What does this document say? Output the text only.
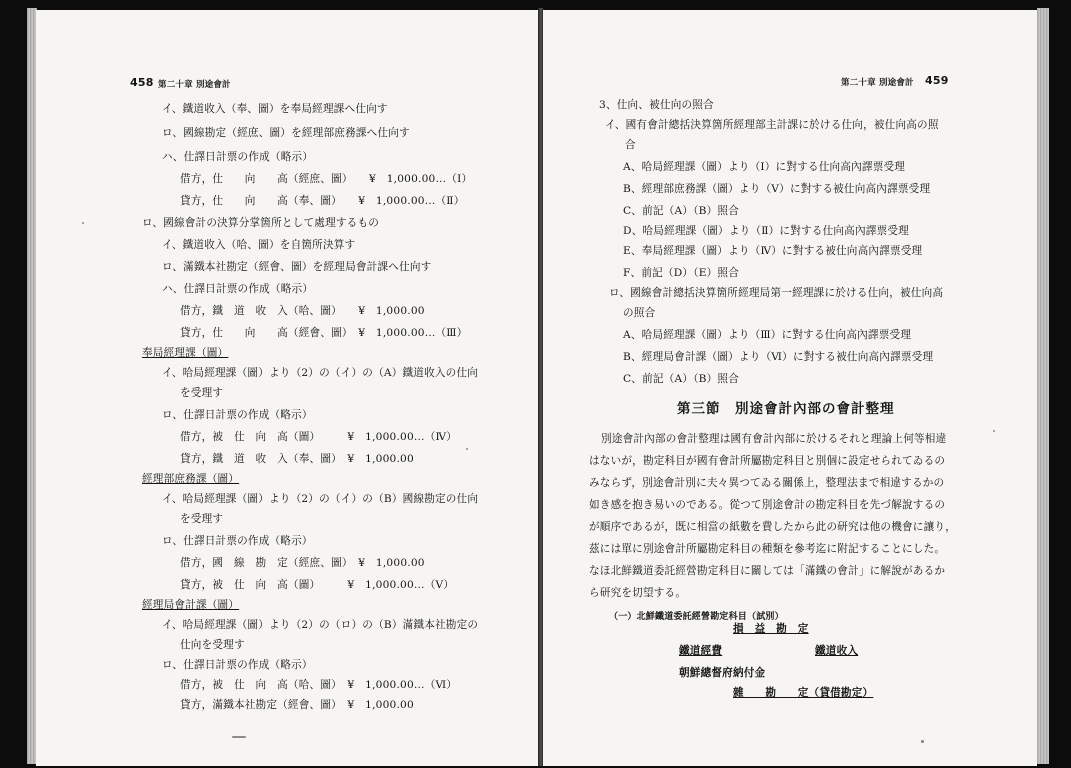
458 第二十章 別途會計
イ、鐵道收入（奉、圖）を奉局經理課へ仕向す
ロ、國線勘定（經庶、圖）を經理部庶務課へ仕向す
ハ、仕譯日計票の作成（略示）
借方，仕　　向　　高（經庶、圖）　　¥　1,000.00…（Ⅰ）
貸方，仕　　向　　高（奉、圖）　　¥　1,000.00…（Ⅱ）
ロ、國線會計の決算分掌箇所として處理するもの
イ、鐵道收入（哈、圖）を自箇所決算す
ロ、滿鐵本社勘定（經會、圖）を經理局會計課へ仕向す
ハ、仕譯日計票の作成（略示）
借方，鐵　道　收　入（哈、圖）　　¥　1,000.00
貸方，仕　　向　　高（經會、圖）　¥　1,000.00…（Ⅲ）
奉局經理課（圖）
イ、哈局經理課（圖）より（2）の（イ）の（A）鐵道收入の仕向
を受理す
ロ、仕譯日計票の作成（略示）
借方，被　仕　向　高（圖）　　　¥　1,000.00…（Ⅳ）
貸方，鐵　道　收　入（奉、圖）　¥　1,000.00
經理部庶務課（圖）
イ、哈局經理課（圖）より（2）の（イ）の（B）國線勘定の仕向
を受理す
ロ、仕譯日計票の作成（略示）
借方，國　線　勘　定（經庶、圖）　¥　1,000.00
貸方，被　仕　向　高（圖）　　　¥　1,000.00…（Ⅴ）
經理局會計課（圖）
イ、哈局經理課（圖）より（2）の（ロ）の（B）滿鐵本社勘定の
仕向を受理す
ロ、仕譯日計票の作成（略示）
借方，被　仕　向　高（哈、圖）　¥　1,000.00…（Ⅵ）
貸方，滿鐵本社勘定（經會、圖）　¥　1,000.00
第二十章 別途會計 459
3、仕向、被仕向の照合
イ、國有會計總括決算箇所經理部主計課に於ける仕向，被仕向高の照
合
A、哈局經理課（圖）より（Ⅰ）に對する仕向高內譯票受理
B、經理部庶務課（圖）より（Ⅴ）に對する被仕向高內譯票受理
C、前記（A）（B）照合
D、哈局經理課（圖）より（Ⅱ）に對する仕向高內譯票受理
E、奉局經理課（圖）より（Ⅳ）に對する被仕向高內譯票受理
F、前記（D）（E）照合
ロ、國線會計總括決算箇所經理局第一經理課に於ける仕向，被仕向高
の照合
A、哈局經理課（圖）より（Ⅲ）に對する仕向高內譯票受理
B、經理局會計課（圖）より（Ⅵ）に對する被仕向高內譯票受理
C、前記（A）（B）照合
第三節　別途會計內部の會計整理
別途會計內部の會計整理は國有會計內部に於けるそれと理論上何等相違
はないが，勘定科目が國有會計所屬勘定科目と別個に設定せられてゐるの
みならず，別途會計別に夫々異つてゐる關係上，整理法まで相違するかの
如き感を抱き易いのである。從つて別途會計の勘定科目を先づ解說するの
が順序であるが，既に相當の紙數を費したから此の研究は他の機會に讓り，
茲には單に別途會計所屬勘定科目の種類を參考迄に附記することにした。
なほ北鮮鐵道委託經營勘定科目に關しては「滿鐵の會計」に解說があるか
ら研究を切望する。
（一）北鮮鐵道委託經營勘定科目（試別）
損　益　勘　定
鐵道經費	鐵道收入
朝鮮總督府納付金
雜　　勘　　定（貸借勘定）
